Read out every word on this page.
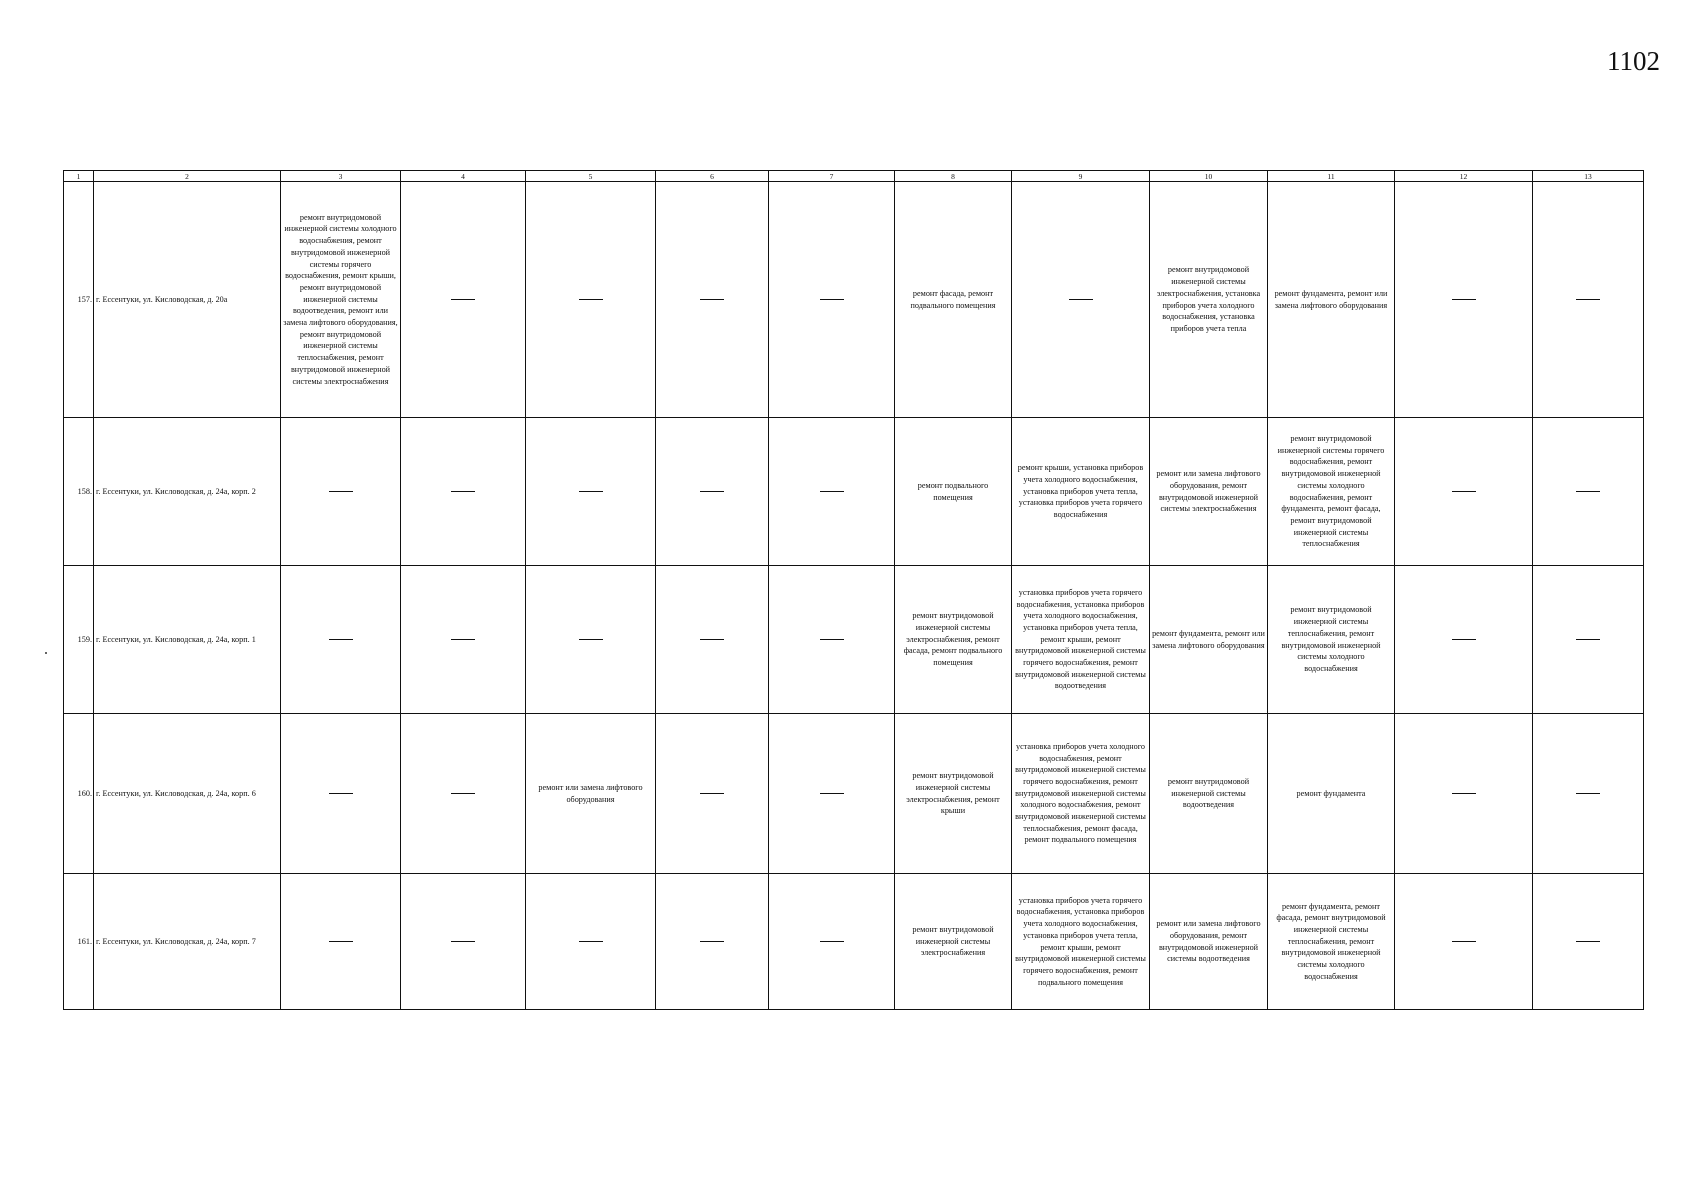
1102
1	2	3	4	5	6	7	8	9	10	11	12	13
157.	г. Ессентуки, ул. Кисловодская, д. 20а	ремонт внутридомовой инженерной системы холодного водоснабжения, ремонт внутридомовой инженерной системы горячего водоснабжения, ремонт крыши, ремонт внутридомовой инженерной системы водоотведения, ремонт или замена лифтового оборудования, ремонт внутридомовой инженерной системы теплоснабжения, ремонт внутридомовой инженерной системы электроснабжения					ремонт фасада, ремонт подвального помещения		ремонт внутридомовой инженерной системы электроснабжения, установка приборов учета холодного водоснабжения, установка приборов учета тепла	ремонт фундамента, ремонт или замена лифтового оборудования		
158.	г. Ессентуки, ул. Кисловодская, д. 24а, корп. 2						ремонт подвального помещения	ремонт крыши, установка приборов учета холодного водоснабжения, установка приборов учета тепла, установка приборов учета горячего водоснабжения	ремонт или замена лифтового оборудования, ремонт внутридомовой инженерной системы электроснабжения	ремонт внутридомовой инженерной системы горячего водоснабжения, ремонт внутридомовой инженерной системы холодного водоснабжения, ремонт фундамента, ремонт фасада, ремонт внутридомовой инженерной системы теплоснабжения		
159.	г. Ессентуки, ул. Кисловодская, д. 24а, корп. 1						ремонт внутридомовой инженерной системы электроснабжения, ремонт фасада, ремонт подвального помещения	установка приборов учета горячего водоснабжения, установка приборов учета холодного водоснабжения, установка приборов учета тепла, ремонт крыши, ремонт внутридомовой инженерной системы горячего водоснабжения, ремонт внутридомовой инженерной системы водоотведения	ремонт фундамента, ремонт или замена лифтового оборудования	ремонт внутридомовой инженерной системы теплоснабжения, ремонт внутридомовой инженерной системы холодного водоснабжения		
160.	г. Ессентуки, ул. Кисловодская, д. 24а, корп. 6			ремонт или замена лифтового оборудования			ремонт внутридомовой инженерной системы электроснабжения, ремонт крыши	установка приборов учета холодного водоснабжения, ремонт внутридомовой инженерной системы горячего водоснабжения, ремонт внутридомовой инженерной системы холодного водоснабжения, ремонт внутридомовой инженерной системы теплоснабжения, ремонт фасада, ремонт подвального помещения	ремонт внутридомовой инженерной системы водоотведения	ремонт фундамента		
161.	г. Ессентуки, ул. Кисловодская, д. 24а, корп. 7						ремонт внутридомовой инженерной системы электроснабжения	установка приборов учета горячего водоснабжения, установка приборов учета холодного водоснабжения, установка приборов учета тепла, ремонт крыши, ремонт внутридомовой инженерной системы горячего водоснабжения, ремонт подвального помещения	ремонт или замена лифтового оборудования, ремонт внутридомовой инженерной системы водоотведения	ремонт фундамента, ремонт фасада, ремонт внутридомовой инженерной системы теплоснабжения, ремонт внутридомовой инженерной системы холодного водоснабжения		
